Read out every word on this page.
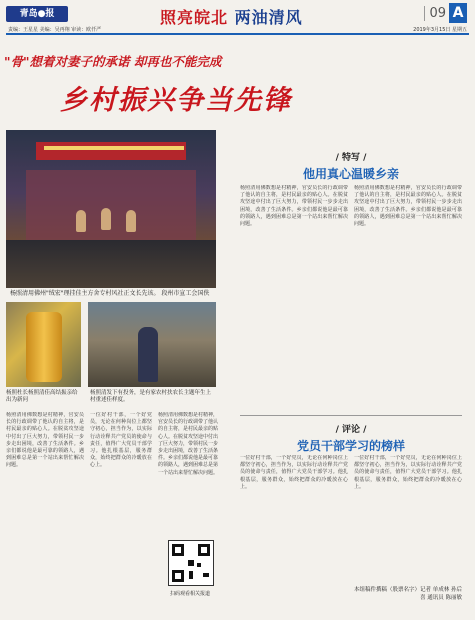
青岛●报	照亮皖北 两油清风	09 A
责编：王星星 美编：吴再翔 审读：欧仟严	2019年3月15日 星期五
"骨"想着对妻子的承诺 却再也不能完成
乡村振兴争当先锋
杨照清用佛州"绒宏"理挂佳主方舍专村风社正文长先该。 段州市宣工会国佚
杨照杜长杨照清佳高结振亲给出为新问
杨照清发下有投务，是有家农村扶农长主题年生上村重述佳样度。
杨照清用佛数想是村精神，官安员长的行政调带了他认的自主将，是村民最亲的贴心人。在脱贫攻坚途中付出了巨大努力，带领村民一步步走出困境，改善了生活条件。乡亲们都说他是最可靠的领路人，遇到困难总是第一个站出来帮忙解决问题。
一位好村干部，一个好党员，无论在何种岗位上都坚守初心，担当作为，以实际行动诠释共产党员的使命与责任，值得广大党员干部学习。他扎根基层，服务群众，始终把群众的冷暖放在心上。
杨照清用佛数想是村精神，官安员长的行政调带了他认的自主将，是村民最亲的贴心人。在脱贫攻坚途中付出了巨大努力，带领村民一步步走出困境，改善了生活条件。乡亲们都说他是最可靠的领路人，遇到困难总是第一个站出来帮忙解决问题。
扫码观看相关报道
/ 特写 /
他用真心温暖乡亲
杨照清用佛数想是村精神，官安员长的行政调带了他认的自主将，是村民最亲的贴心人。在脱贫攻坚途中付出了巨大努力，带领村民一步步走出困境，改善了生活条件。乡亲们都说他是最可靠的领路人，遇到困难总是第一个站出来帮忙解决问题。
杨照清用佛数想是村精神，官安员长的行政调带了他认的自主将，是村民最亲的贴心人。在脱贫攻坚途中付出了巨大努力，带领村民一步步走出困境，改善了生活条件。乡亲们都说他是最可靠的领路人，遇到困难总是第一个站出来帮忙解决问题。
/ 评论 /
党员干部学习的榜样
一位好村干部，一个好党员，无论在何种岗位上都坚守初心，担当作为，以实际行动诠释共产党员的使命与责任，值得广大党员干部学习。他扎根基层，服务群众，始终把群众的冷暖放在心上。
一位好村干部，一个好党员，无论在何种岗位上都坚守初心，担当作为，以实际行动诠释共产党员的使命与责任，值得广大党员干部学习。他扎根基层，服务群众，始终把群众的冷暖放在心上。
本组稿件撰稿（股票名字）记者 单成林 孙后喜 通讯员 陈丽敏
